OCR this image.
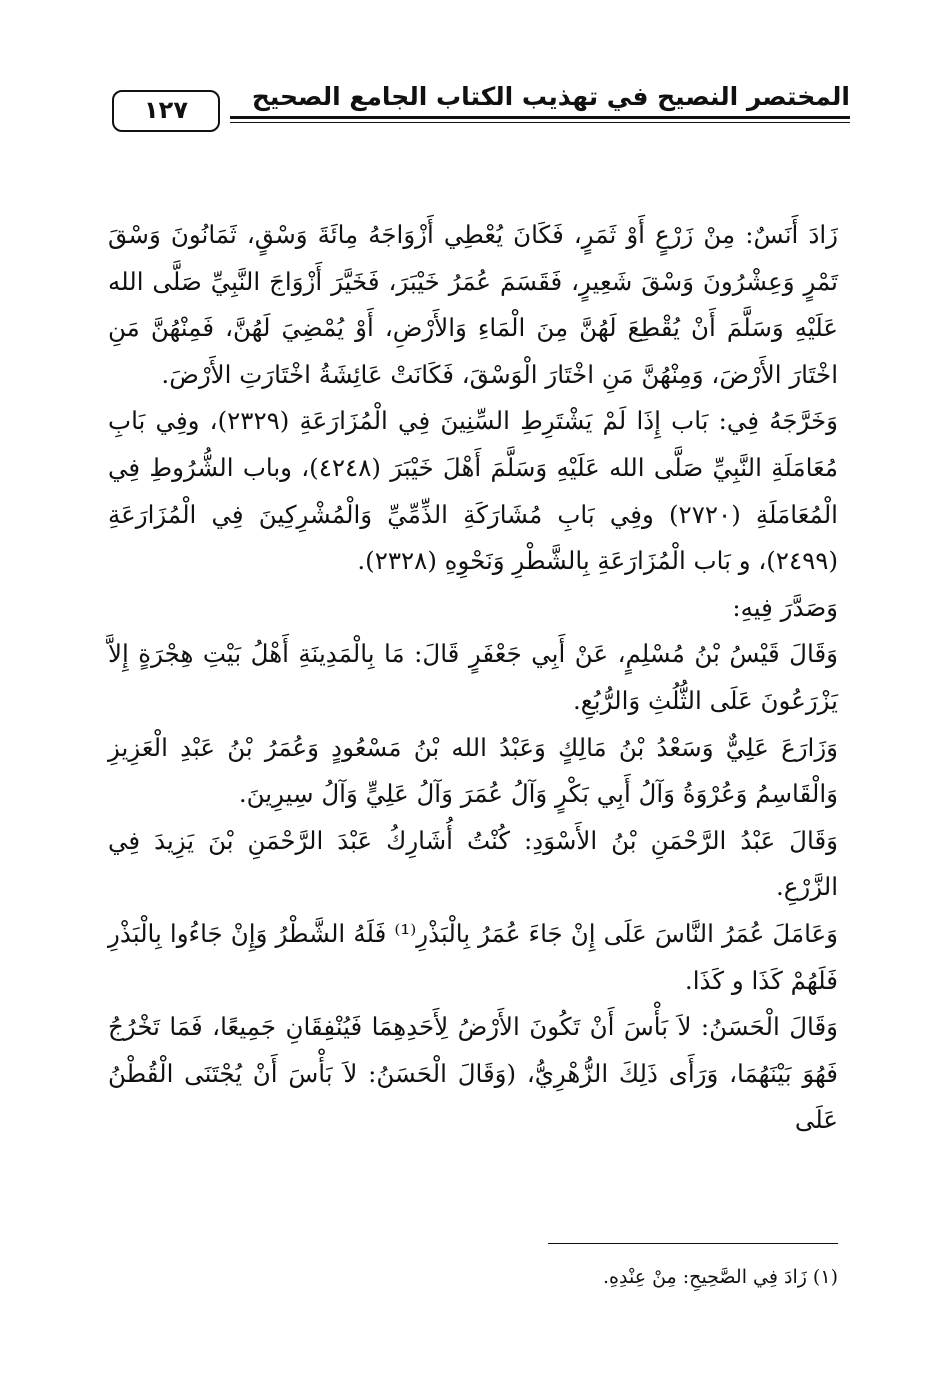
المختصر النصيح في تهذيب الكتاب الجامع الصحيح
١٢٧

زَادَ أَنَسٌ: مِنْ زَرْعٍ أَوْ ثَمَرٍ، فَكَانَ يُعْطِي أَزْوَاجَهُ مِائَةَ وَسْقٍ، ثَمَانُونَ وَسْقَ تَمْرٍ وَعِشْرُونَ وَسْقَ شَعِيرٍ، فَقَسَمَ عُمَرُ خَيْبَرَ، فَخَيَّرَ أَزْوَاجَ النَّبِيِّ صَلَّى الله عَلَيْهِ وَسَلَّمَ أَنْ يُقْطِعَ لَهُنَّ مِنَ الْمَاءِ وَالأَرْضِ، أَوْ يُمْضِيَ لَهُنَّ، فَمِنْهُنَّ مَنِ اخْتَارَ الأَرْضَ، وَمِنْهُنَّ مَنِ اخْتَارَ الْوَسْقَ، فَكَانَتْ عَائِشَةُ اخْتَارَتِ الأَرْضَ.

وَخَرَّجَهُ فِي: بَاب إِذَا لَمْ يَشْتَرِطِ السِّنِينَ فِي الْمُزَارَعَةِ (٢٣٢٩)، وفِي بَابِ مُعَامَلَةِ النَّبِيِّ صَلَّى الله عَلَيْهِ وَسَلَّمَ أَهْلَ خَيْبَرَ (٤٢٤٨)، وباب الشُّرُوطِ فِي الْمُعَامَلَةِ (٢٧٢٠) وفِي بَابِ مُشَارَكَةِ الذِّمِّيِّ وَالْمُشْرِكِينَ فِي الْمُزَارَعَةِ (٢٤٩٩)، و بَاب الْمُزَارَعَةِ بِالشَّطْرِ وَنَحْوِهِ (٢٣٢٨).

وَصَدَّرَ فِيهِ:

وَقَالَ قَيْسُ بْنُ مُسْلِمٍ، عَنْ أَبِي جَعْفَرٍ قَالَ: مَا بِالْمَدِينَةِ أَهْلُ بَيْتِ هِجْرَةٍ إِلاَّ يَزْرَعُونَ عَلَى الثُّلُثِ وَالرُّبُعِ.

وَزَارَعَ عَلِيٌّ وَسَعْدُ بْنُ مَالِكٍ وَعَبْدُ الله بْنُ مَسْعُودٍ وَعُمَرُ بْنُ عَبْدِ الْعَزِيزِ وَالْقَاسِمُ وَعُرْوَةُ وَآلُ أَبِي بَكْرٍ وَآلُ عُمَرَ وَآلُ عَلِيٍّ وَآلُ سِيرِينَ.

وَقَالَ عَبْدُ الرَّحْمَنِ بْنُ الأَسْوَدِ: كُنْتُ أُشَارِكُ عَبْدَ الرَّحْمَنِ بْنَ يَزِيدَ فِي الزَّرْعِ.

وَعَامَلَ عُمَرُ النَّاسَ عَلَى إِنْ جَاءَ عُمَرُ بِالْبَذْرِ⁽¹⁾ فَلَهُ الشَّطْرُ وَإِنْ جَاءُوا بِالْبَذْرِ فَلَهُمْ كَذَا و كَذَا.

وَقَالَ الْحَسَنُ: لاَ بَأْسَ أَنْ تَكُونَ الأَرْضُ لِأَحَدِهِمَا فَيُنْفِقَانِ جَمِيعًا، فَمَا تَخْرُجُ فَهُوَ بَيْنَهُمَا، وَرَأَى ذَلِكَ الزُّهْرِيُّ، (وَقَالَ الْحَسَنُ: لاَ بَأْسَ أَنْ يُجْتَنَى الْقُطْنُ عَلَى

(١) زَادَ فِي الصَّحِيحِ: مِنْ عِنْدِهِ.
